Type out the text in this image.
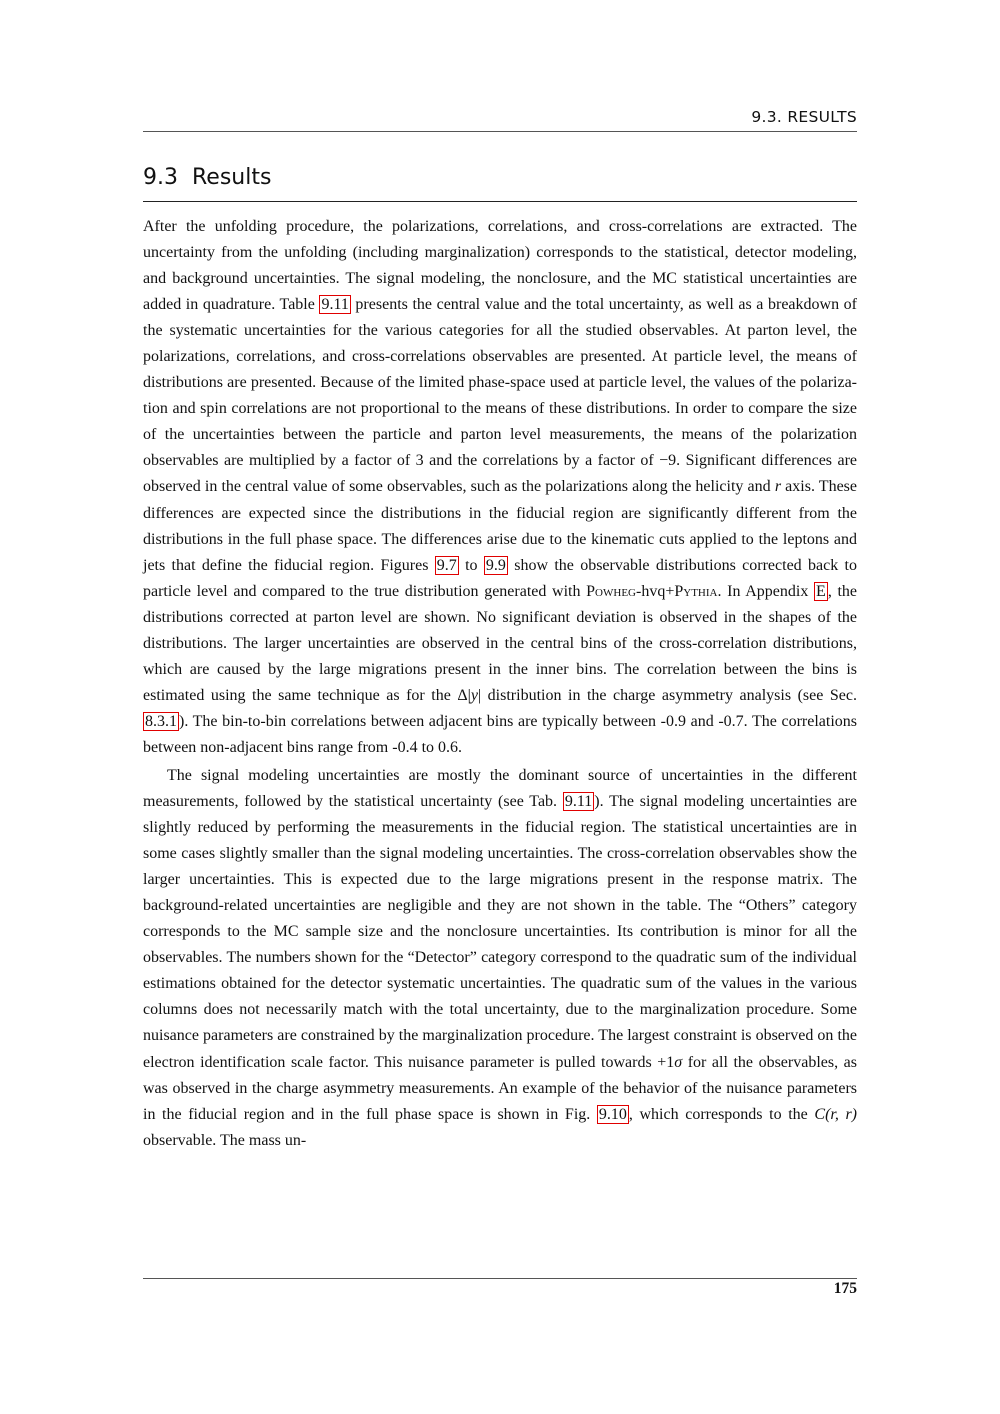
9.3. RESULTS
9.3 Results

After the unfolding procedure, the polarizations, correlations, and cross-correlations are extracted. The uncertainty from the unfolding (including marginalization) corresponds to the statistical, detector modeling, and background uncertainties. The signal modeling, the nonclosure, and the MC statistical uncertainties are added in quadrature. Table 9.11 presents the central value and the total uncertainty, as well as a breakdown of the systematic uncertainties for the various categories for all the studied observables. At parton level, the polarizations, correlations, and cross-correlations observables are presented. At particle level, the means of distributions are presented. Because of the limited phase-space used at particle level, the values of the polarization and spin correlations are not proportional to the means of these distributions. In order to compare the size of the uncertainties between the particle and parton level measurements, the means of the polarization observables are multiplied by a factor of 3 and the correlations by a factor of −9. Significant differences are observed in the central value of some observables, such as the polarizations along the helicity and r axis. These differences are expected since the distributions in the fiducial region are significantly different from the distributions in the full phase space. The differences arise due to the kinematic cuts applied to the leptons and jets that define the fiducial region. Figures 9.7 to 9.9 show the observable distributions corrected back to particle level and compared to the true distribution generated with Powheg-hvq+Pythia. In Appendix E , the distributions corrected at parton level are shown. No significant deviation is observed in the shapes of the distributions. The larger uncertainties are observed in the central bins of the cross-correlation distributions, which are caused by the large migrations present in the inner bins. The correlation between the bins is estimated using the same technique as for the Δ|y| distribution in the charge asymmetry analysis (see Sec. 8.3.1 ). The bin-to-bin correlations between adjacent bins are typically between -0.9 and -0.7. The correlations between non-adjacent bins range from -0.4 to 0.6.

The signal modeling uncertainties are mostly the dominant source of uncertainties in the different measurements, followed by the statistical uncertainty (see Tab. 9.11 ). The signal modeling uncertainties are slightly reduced by performing the measurements in the fiducial region. The statistical uncertainties are in some cases slightly smaller than the signal modeling uncertainties. The cross-correlation observables show the larger uncertainties. This is expected due to the large migrations present in the response matrix. The background-related uncertainties are negligible and they are not shown in the table. The “Others” category corresponds to the MC sample size and the nonclosure uncertainties. Its contribution is minor for all the observables. The numbers shown for the “Detector” category correspond to the quadratic sum of the individual estimations obtained for the detector systematic uncertainties. The quadratic sum of the values in the various columns does not necessarily match with the total uncertainty, due to the marginalization procedure. Some nuisance parameters are constrained by the marginalization procedure. The largest constraint is observed on the electron identification scale factor. This nuisance parameter is pulled towards +1σ for all the observables, as was observed in the charge asymmetry measurements. An example of the behavior of the nuisance parameters in the fiducial region and in the full phase space is shown in Fig. 9.10 , which corresponds to the C(r, r) observable. The mass un-

175
